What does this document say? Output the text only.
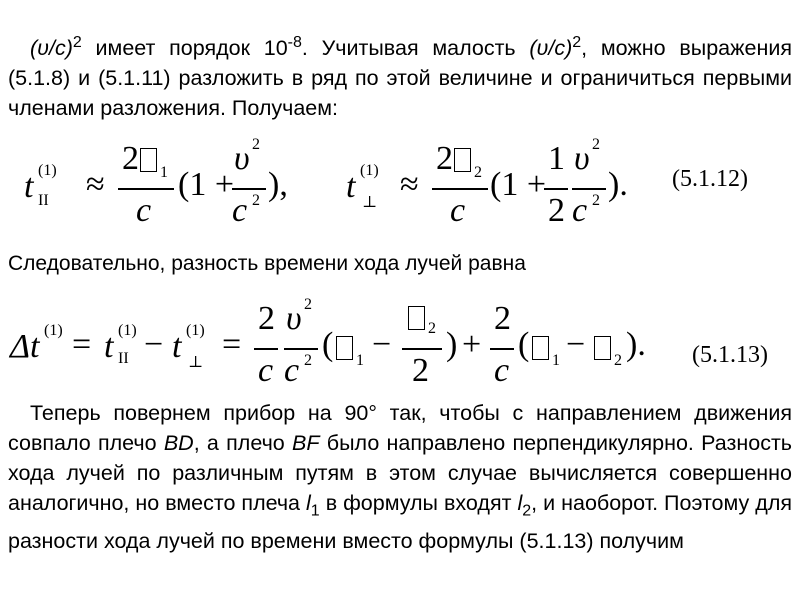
$(\upsilon/c)^2$ имеет порядок $10^{-8}$. Учитывая малость $(\upsilon/c)^2$, можно выражения (5.1.8) и (5.1.11) разложить в ряд по этой величине и ограничиться первыми членами разложения. Получаем:
t (1)
II ≈
2 1
c
(1 +
υ 2
c 2 ), t (1)
⊥ ≈
2 2
c
(1 +
1
2
υ 2
c 2 ). (5.1.12)
Следовательно, разность времени хода лучей равна
Δt (1) = t (1)
II − t (1)
⊥ =
2
c
υ 2
c 2 ( 1 − 2
2
) +
2
c
( 1 − 2 ). (5.1.13)
Теперь повернем прибор на 90° так, чтобы с направлением движения совпало плечо BD, а плечо BF было направлено перпендикулярно. Разность хода лучей по различным путям в этом случае вычисляется совершенно аналогично, но вместо плеча $l_1$ в формулы входят $l_2$, и наоборот. Поэтому для разности хода лучей по времени вместо формулы (5.1.13) получим
